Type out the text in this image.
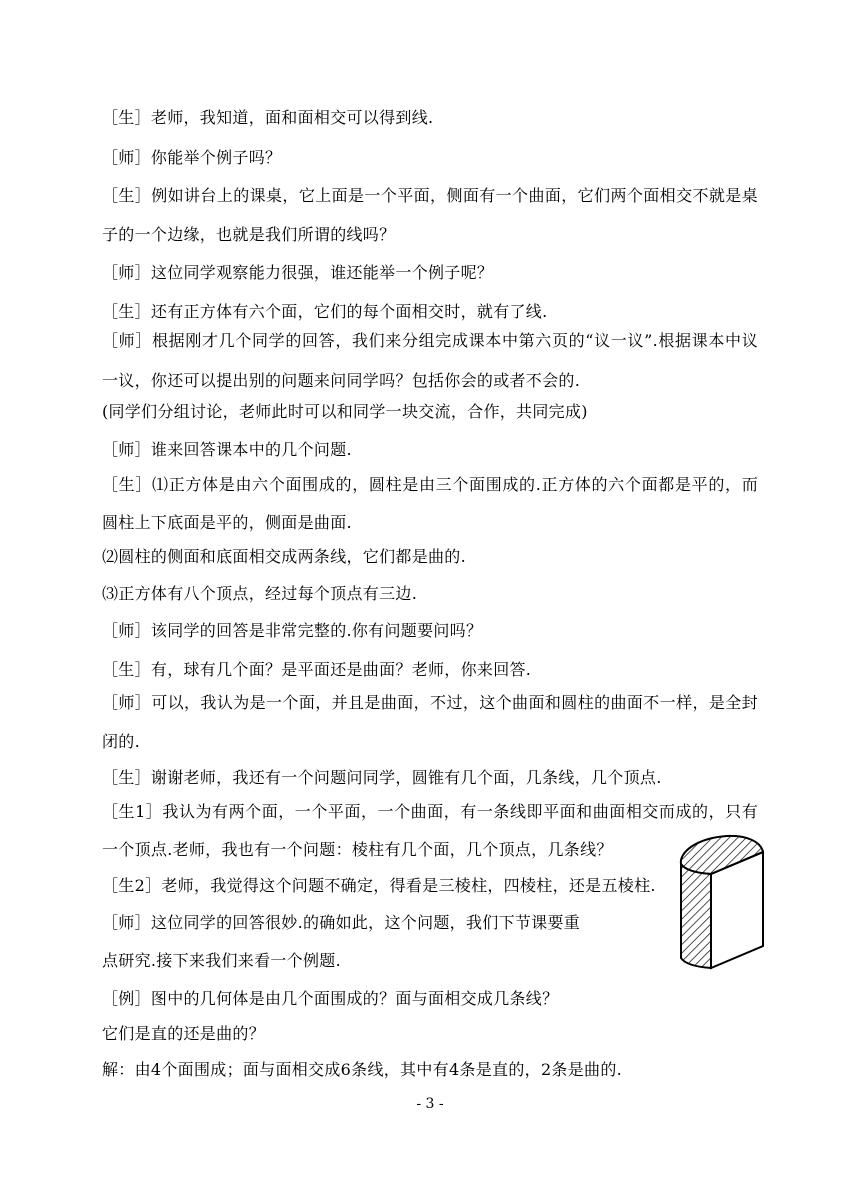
［生］老师，我知道，面和面相交可以得到线.
［师］你能举个例子吗？
［生］例如讲台上的课桌，它上面是一个平面，侧面有一个曲面，它们两个面相交不就是桌
子的一个边缘，也就是我们所谓的线吗？
［师］这位同学观察能力很强，谁还能举一个例子呢？
［生］还有正方体有六个面，它们的每个面相交时，就有了线.
［师］根据刚才几个同学的回答，我们来分组完成课本中第六页的“议一议”.根据课本中议
一议，你还可以提出别的问题来问同学吗？包括你会的或者不会的.
(同学们分组讨论，老师此时可以和同学一块交流，合作，共同完成)
［师］谁来回答课本中的几个问题.
［生］⑴正方体是由六个面围成的，圆柱是由三个面围成的.正方体的六个面都是平的，而
圆柱上下底面是平的，侧面是曲面.
⑵圆柱的侧面和底面相交成两条线，它们都是曲的.
⑶正方体有八个顶点，经过每个顶点有三边.
［师］该同学的回答是非常完整的.你有问题要问吗？
［生］有，球有几个面？是平面还是曲面？老师，你来回答.
［师］可以，我认为是一个面，并且是曲面，不过，这个曲面和圆柱的曲面不一样，是全封
闭的.
［生］谢谢老师，我还有一个问题问同学，圆锥有几个面，几条线，几个顶点.
［生1］我认为有两个面，一个平面，一个曲面，有一条线即平面和曲面相交而成的，只有
一个顶点.老师，我也有一个问题：棱柱有几个面，几个顶点，几条线？
［生2］老师，我觉得这个问题不确定，得看是三棱柱，四棱柱，还是五棱柱.
［师］这位同学的回答很妙.的确如此，这个问题，我们下节课要重
点研究.接下来我们来看一个例题.
［例］图中的几何体是由几个面围成的？面与面相交成几条线？
它们是直的还是曲的？
解：由4个面围成；面与面相交成6条线，其中有4条是直的，2条是曲的.
- 3 -
